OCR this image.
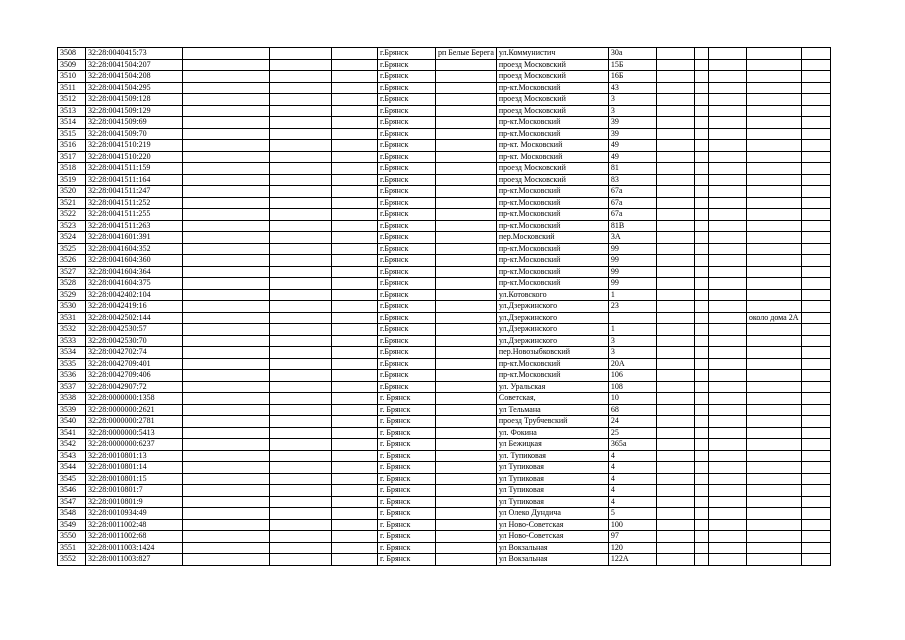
3508	32:28:0040415:73				г.Брянск	рп Белые Берега	ул.Коммунистич	30а					
3509	32:28:0041504:207				г.Брянск		проезд Московский	15Б					
3510	32:28:0041504:208				г.Брянск		проезд Московский	16Б					
3511	32:28:0041504:295				г.Брянск		пр-кт.Московский	43					
3512	32:28:0041509:128				г.Брянск		проезд Московский	3					
3513	32:28:0041509:129				г.Брянск		проезд Московский	3					
3514	32:28:0041509:69				г.Брянск		пр-кт.Московский	39					
3515	32:28:0041509:70				г.Брянск		пр-кт.Московский	39					
3516	32:28:0041510:219				г.Брянск		пр-кт. Московский	49					
3517	32:28:0041510:220				г.Брянск		пр-кт. Московский	49					
3518	32:28:0041511:159				г.Брянск		проезд Московский	81					
3519	32:28:0041511:164				г.Брянск		проезд Московский	83					
3520	32:28:0041511:247				г.Брянск		пр-кт.Московский	67а					
3521	32:28:0041511:252				г.Брянск		пр-кт.Московский	67а					
3522	32:28:0041511:255				г.Брянск		пр-кт.Московский	67а					
3523	32:28:0041511:263				г.Брянск		пр-кт.Московский	81В					
3524	32:28:0041601:391				г.Брянск		пер.Московский	3А					
3525	32:28:0041604:352				г.Брянск		пр-кт.Московский	99					
3526	32:28:0041604:360				г.Брянск		пр-кт.Московский	99					
3527	32:28:0041604:364				г.Брянск		пр-кт.Московский	99					
3528	32:28:0041604:375				г.Брянск		пр-кт.Московский	99					
3529	32:28:0042402:104				г.Брянск		ул.Котовского	1					
3530	32:28:0042419:16				г.Брянск		ул.Дзержинского	23					
3531	32:28:0042502:144				г.Брянск		ул.Дзержинского					около дома 2А	
3532	32:28:0042530:57				г.Брянск		ул.Дзержинского	1					
3533	32:28:0042530:70				г.Брянск		ул.Дзержинского	3					
3534	32:28:0042702:74				г.Брянск		пер.Новозыбковский	3					
3535	32:28:0042709:401				г.Брянск		пр-кт.Московский	20А					
3536	32:28:0042709:406				г.Брянск		пр-кт.Московский	106					
3537	32:28:0042907:72				г.Брянск		ул. Уральская	108					
3538	32:28:0000000:1358				г. Брянск		Советская,	10					
3539	32:28:0000000:2621				г. Брянск		ул Тельмана	68					
3540	32:28:0000000:2781				г. Брянск		проезд Трубчевский	24					
3541	32:28:0000000:5413				г. Брянск		ул. Фокина	25					
3542	32:28:0000000:6237				г. Брянск		ул Бежицкая	365а					
3543	32:28:0010801:13				г. Брянск		ул. Тупиковая	4					
3544	32:28:0010801:14				г. Брянск		ул Тупиковая	4					
3545	32:28:0010801:15				г. Брянск		ул Тупиковая	4					
3546	32:28:0010801:7				г. Брянск		ул Тупиковая	4					
3547	32:28:0010801:9				г. Брянск		ул Тупиковая	4					
3548	32:28:0010934:49				г. Брянск		ул Олеко Дундича	5					
3549	32:28:0011002:48				г. Брянск		ул Ново-Советская	100					
3550	32:28:0011002:68				г. Брянск		ул Ново-Советская	97					
3551	32:28:0011003:1424				г. Брянск		ул Вокзальная	120					
3552	32:28:0011003:827				г. Брянск		ул Вокзальная	122А					
